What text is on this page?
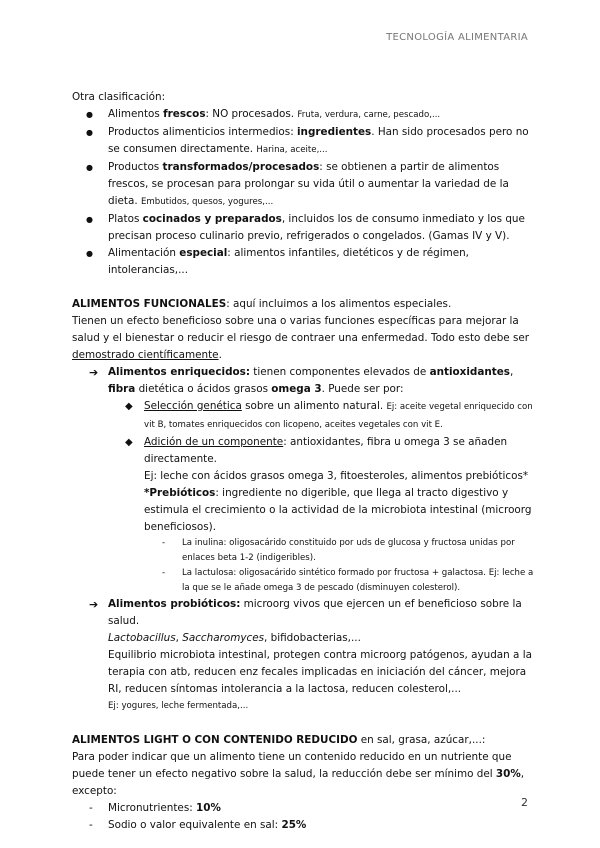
TECNOLOGÍA ALIMENTARIA

Otra clasificación:

● Alimentos frescos: NO procesados. Fruta, verdura, carne, pescado,...
● Productos alimenticios intermedios: ingredientes. Han sido procesados pero no se consumen directamente. Harina, aceite,...
● Productos transformados/procesados: se obtienen a partir de alimentos frescos, se procesan para prolongar su vida útil o aumentar la variedad de la dieta. Embutidos, quesos, yogures,...
● Platos cocinados y preparados, incluidos los de consumo inmediato y los que precisan proceso culinario previo, refrigerados o congelados. (Gamas IV y V).
● Alimentación especial: alimentos infantiles, dietéticos y de régimen, intolerancias,...

ALIMENTOS FUNCIONALES: aquí incluimos a los alimentos especiales.

Tienen un efecto beneficioso sobre una o varias funciones específicas para mejorar la salud y el bienestar o reducir el riesgo de contraer una enfermedad. Todo esto debe ser demostrado científicamente.

➔ Alimentos enriquecidos: tienen componentes elevados de antioxidantes, fibra dietética o ácidos grasos omega 3. Puede ser por:
◆ Selección genética sobre un alimento natural. Ej: aceite vegetal enriquecido con vit B, tomates enriquecidos con licopeno, aceites vegetales con vit E.
◆ Adición de un componente: antioxidantes, fibra u omega 3 se añaden directamente.

Ej: leche con ácidos grasos omega 3, fitoesteroles, alimentos prebióticos*

*Prebióticos: ingrediente no digerible, que llega al tracto digestivo y estimula el crecimiento o la actividad de la microbiota intestinal (microorg beneficiosos).

- La inulina: oligosacárido constituido por uds de glucosa y fructosa unidas por enlaces beta 1-2 (indigeribles).
- La lactulosa: oligosacárido sintético formado por fructosa + galactosa. Ej: leche a la que se le añade omega 3 de pescado (disminuyen colesterol).
➔ Alimentos probióticos: microorg vivos que ejercen un ef beneficioso sobre la salud.

Lactobacillus, Saccharomyces, bifidobacterias,...

Equilibrio microbiota intestinal, protegen contra microorg patógenos, ayudan a la terapia con atb, reducen enz fecales implicadas en iniciación del cáncer, mejora RI, reducen síntomas intolerancia a la lactosa, reducen colesterol,...

Ej: yogures, leche fermentada,...

ALIMENTOS LIGHT O CON CONTENIDO REDUCIDO en sal, grasa, azúcar,...:

Para poder indicar que un alimento tiene un contenido reducido en un nutriente que puede tener un efecto negativo sobre la salud, la reducción debe ser mínimo del 30%, excepto:

- Micronutrientes: 10%
- Sodio o valor equivalente en sal: 25%
2
